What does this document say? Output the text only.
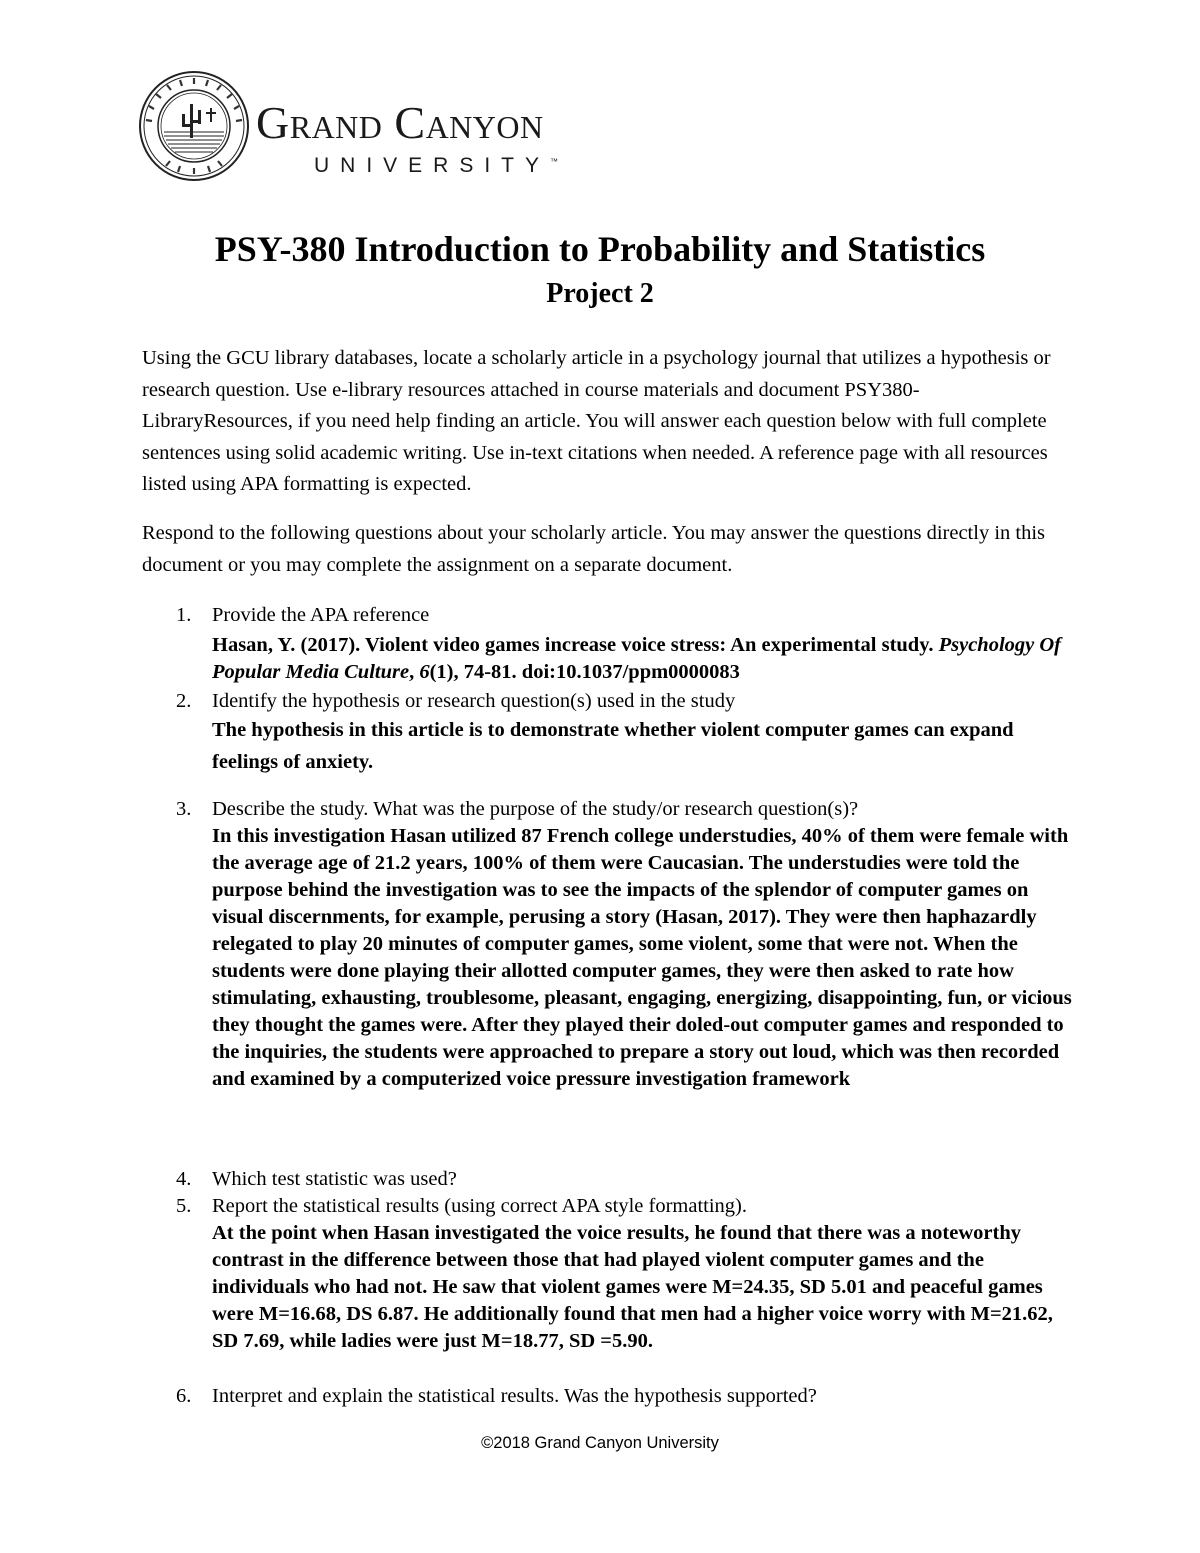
Grand Canyon
UNIVERSITY™
PSY-380 Introduction to Probability and Statistics
Project 2

Using the GCU library databases, locate a scholarly article in a psychology journal that utilizes a hypothesis or research question. Use e-library resources attached in course materials and document PSY380-LibraryResources, if you need help finding an article. You will answer each question below with full complete sentences using solid academic writing. Use in-text citations when needed. A reference page with all resources listed using APA formatting is expected.

Respond to the following questions about your scholarly article. You may answer the questions directly in this document or you may complete the assignment on a separate document.

1. Provide the APA reference
Hasan, Y. (2017). Violent video games increase voice stress: An experimental study. Psychology Of Popular Media Culture, 6(1), 74-81. doi:10.1037/ppm0000083
2. Identify the hypothesis or research question(s) used in the study
The hypothesis in this article is to demonstrate whether violent computer games can expand feelings of anxiety.
3. Describe the study. What was the purpose of the study/or research question(s)?
In this investigation Hasan utilized 87 French college understudies, 40% of them were female with the average age of 21.2 years, 100% of them were Caucasian. The understudies were told the purpose behind the investigation was to see the impacts of the splendor of computer games on visual discernments, for example, perusing a story (Hasan, 2017). They were then haphazardly relegated to play 20 minutes of computer games, some violent, some that were not. When the students were done playing their allotted computer games, they were then asked to rate how stimulating, exhausting, troublesome, pleasant, engaging, energizing, disappointing, fun, or vicious they thought the games were. After they played their doled-out computer games and responded to the inquiries, the students were approached to prepare a story out loud, which was then recorded and examined by a computerized voice pressure investigation framework
4. Which test statistic was used?
5. Report the statistical results (using correct APA style formatting).
At the point when Hasan investigated the voice results, he found that there was a noteworthy contrast in the difference between those that had played violent computer games and the individuals who had not. He saw that violent games were M=24.35, SD 5.01 and peaceful games were M=16.68, DS 6.87. He additionally found that men had a higher voice worry with M=21.62, SD 7.69, while ladies were just M=18.77, SD =5.90.
6. Interpret and explain the statistical results. Was the hypothesis supported?
©2018 Grand Canyon University
